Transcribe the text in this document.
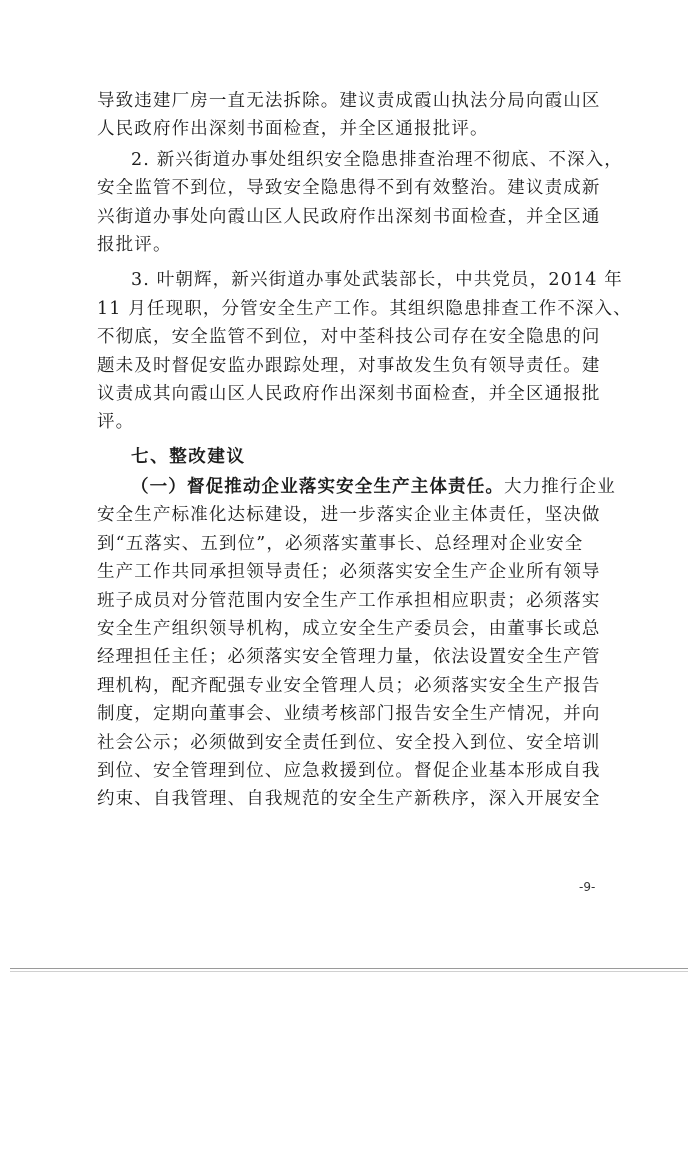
导致违建厂房一直无法拆除。建议责成霞山执法分局向霞山区
人民政府作出深刻书面检查，并全区通报批评。
2. 新兴街道办事处组织安全隐患排查治理不彻底、不深入，
安全监管不到位，导致安全隐患得不到有效整治。建议责成新
兴街道办事处向霞山区人民政府作出深刻书面检查，并全区通
报批评。
3. 叶朝辉，新兴街道办事处武装部长，中共党员，2014 年
11 月任现职，分管安全生产工作。其组织隐患排查工作不深入、
不彻底，安全监管不到位，对中荃科技公司存在安全隐患的问
题未及时督促安监办跟踪处理，对事故发生负有领导责任。建
议责成其向霞山区人民政府作出深刻书面检查，并全区通报批
评。
七、整改建议
（一）督促推动企业落实安全生产主体责任。大力推行企业
安全生产标准化达标建设，进一步落实企业主体责任，坚决做
到“五落实、五到位”，必须落实董事长、总经理对企业安全
生产工作共同承担领导责任；必须落实安全生产企业所有领导
班子成员对分管范围内安全生产工作承担相应职责；必须落实
安全生产组织领导机构，成立安全生产委员会，由董事长或总
经理担任主任；必须落实安全管理力量，依法设置安全生产管
理机构，配齐配强专业安全管理人员；必须落实安全生产报告
制度，定期向董事会、业绩考核部门报告安全生产情况，并向
社会公示；必须做到安全责任到位、安全投入到位、安全培训
到位、安全管理到位、应急救援到位。督促企业基本形成自我
约束、自我管理、自我规范的安全生产新秩序，深入开展安全
-9-
